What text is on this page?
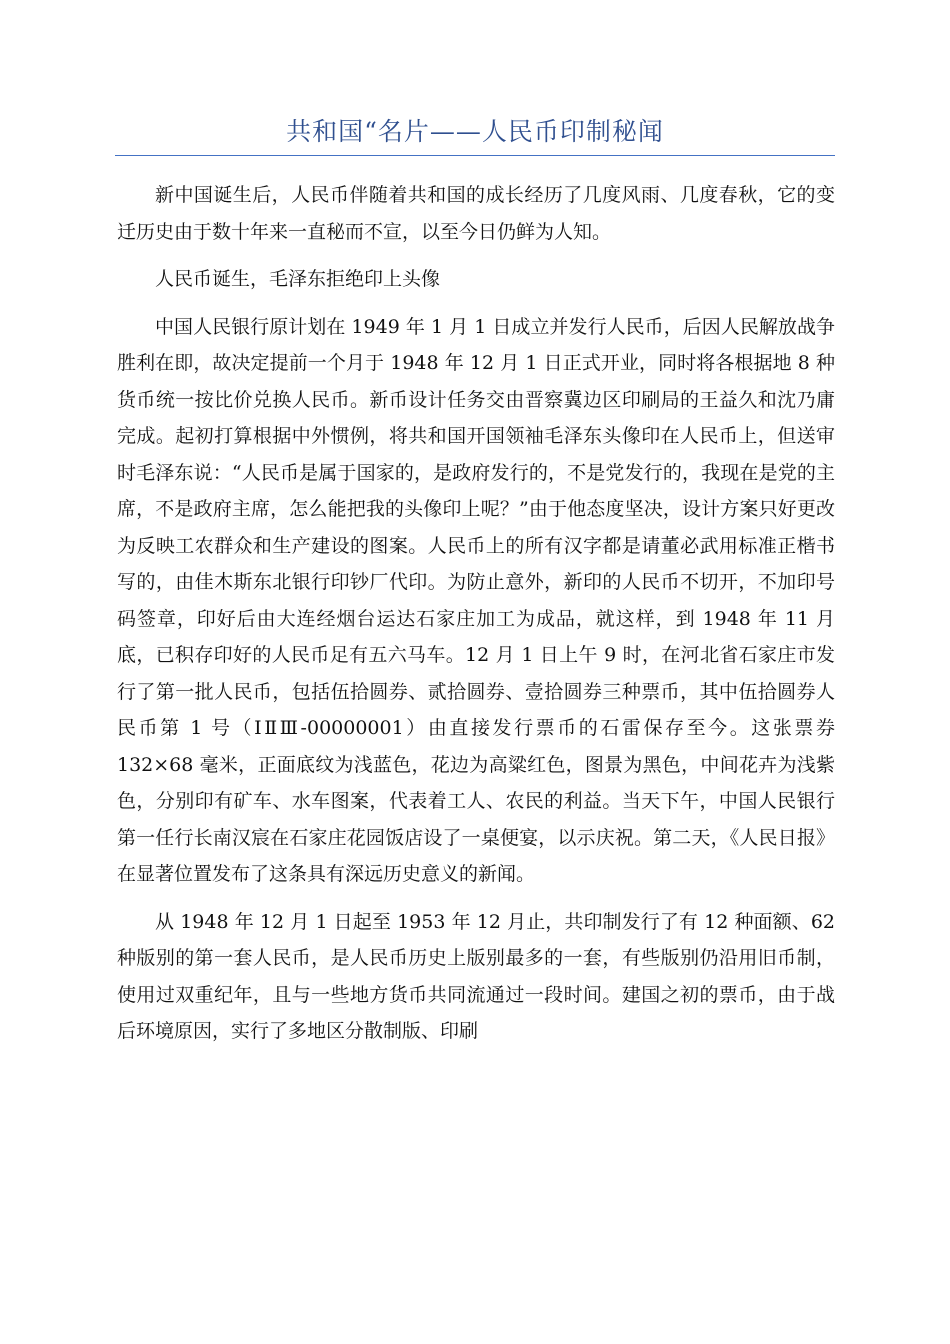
共和国“名片——人民币印制秘闻

新中国诞生后，人民币伴随着共和国的成长经历了几度风雨、几度春秋，它的变迁历史由于数十年来一直秘而不宣，以至今日仍鲜为人知。

人民币诞生，毛泽东拒绝印上头像

中国人民银行原计划在 1949 年 1 月 1 日成立并发行人民币，后因人民解放战争胜利在即，故决定提前一个月于 1948 年 12 月 1 日正式开业，同时将各根据地 8 种货币统一按比价兑换人民币。新币设计任务交由晋察冀边区印刷局的王益久和沈乃庸完成。起初打算根据中外惯例，将共和国开国领袖毛泽东头像印在人民币上，但送审时毛泽东说：“人民币是属于国家的，是政府发行的，不是党发行的，我现在是党的主席，不是政府主席，怎么能把我的头像印上呢？”由于他态度坚决，设计方案只好更改为反映工农群众和生产建设的图案。人民币上的所有汉字都是请董必武用标准正楷书写的，由佳木斯东北银行印钞厂代印。为防止意外，新印的人民币不切开，不加印号码签章，印好后由大连经烟台运达石家庄加工为成品，就这样，到 1948 年 11 月底，已积存印好的人民币足有五六马车。12 月 1 日上午 9 时，在河北省石家庄市发行了第一批人民币，包括伍拾圆券、贰拾圆券、壹拾圆券三种票币，其中伍拾圆券人民币第 1 号（ⅠⅡⅢ-00000001）由直接发行票币的石雷保存至今。这张票券 132×68 毫米，正面底纹为浅蓝色，花边为高粱红色，图景为黑色，中间花卉为浅紫色，分别印有矿车、水车图案，代表着工人、农民的利益。当天下午，中国人民银行第一任行长南汉宸在石家庄花园饭店设了一桌便宴，以示庆祝。第二天，《人民日报》在显著位置发布了这条具有深远历史意义的新闻。

从 1948 年 12 月 1 日起至 1953 年 12 月止，共印制发行了有 12 种面额、62 种版别的第一套人民币，是人民币历史上版别最多的一套，有些版别仍沿用旧币制，使用过双重纪年，且与一些地方货币共同流通过一段时间。建国之初的票币，由于战后环境原因，实行了多地区分散制版、印刷
